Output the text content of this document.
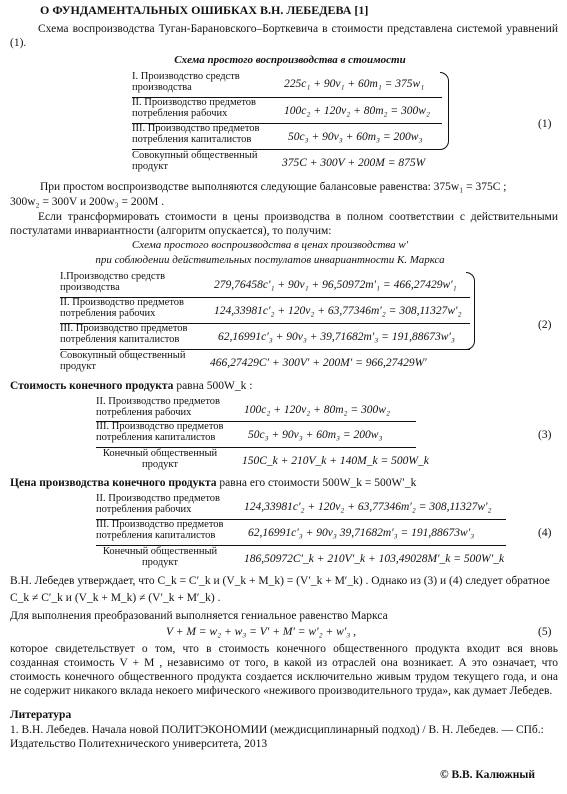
О ФУНДАМЕНТАЛЬНЫХ ОШИБКАХ В.Н. ЛЕБЕДЕВА [1]
Схема воспроизводства Туган-Барановского–Борткевича в стоимости представлена системой уравнений (1).
Схема простого воспроизводства в стоимости
I. Производство средств
производства	225c₁ + 90v₁ + 60m₁ = 375w₁
II. Производство предметов
потребления рабочих	100c₂ + 120v₂ + 80m₂ = 300w₂
III. Производство предметов
потребления капиталистов	50c₃ + 90v₃ + 60m₃ = 200w₃
Совокупный общественный
продукт	375C + 300V + 200M = 875W
(1)
При простом воспроизводстве выполняются следующие балансовые равенства: 375w₁ = 375C ;
300w₂ = 300V и 200w₃ = 200M .
Если трансформировать стоимости в цены производства в полном соответствии с действительными постулатами инвариантности (алгоритм опускается), то получим:
Схема простого воспроизводства в ценах производства w′
при соблюдении действительных постулатов инвариантности К. Маркса
I.Производство средств
производства	279,76458c′₁ + 90v₁ + 96,50972m′₁ = 466,27429w′₁
II. Производство предметов
потребления рабочих	124,33981c′₂ + 120v₂ + 63,77346m′₂ = 308,11327w′₂
III. Производство предметов
потребления капиталистов	62,16991c′₃ + 90v₃ + 39,71682m′₃ = 191,88673w′₃
Совокупный общественный
продукт	466,27429C′ + 300V′ + 200M′ = 966,27429W′
(2)
Стоимость конечного продукта равна 500W_k :
II. Производство предметов
потребления рабочих	100c₂ + 120v₂ + 80m₂ = 300w₂
III. Производство предметов
потребления капиталистов	50c₃ + 90v₃ + 60m₃ = 200w₃
Конечный общественный
продукт	150C_k + 210V_k + 140M_k = 500W_k
(3)
Цена производства конечного продукта равна его стоимости 500W_k = 500W′_k
II. Производство предметов
потребления рабочих	124,33981c′₂ + 120v₂ + 63,77346m′₂ = 308,11327w′₂
III. Производство предметов
потребления капиталистов	62,16991c′₃ + 90v₃ 39,71682m′₃ = 191,88673w′₃
Конечный общественный
продукт	186,50972C′_k + 210V′_k + 103,49028M′_k = 500W′_k
(4)
В.Н. Лебедев утверждает, что C_k = C′_k и (V_k + M_k) = (V′_k + M′_k) . Однако из (3) и (4) следует обратное
C_k ≠ C′_k и (V_k + M_k) ≠ (V′_k + M′_k) .
Для выполнения преобразований выполняется гениальное равенство Маркса
V + M = w₂ + w₃ = V′ + M′ = w′₂ + w′₃ ,	(5)
которое свидетельствует о том, что в стоимость конечного общественного продукта входит вся вновь созданная стоимость V + M , независимо от того, в какой из отраслей она возникает. А это означает, что стоимость конечного общественного продукта создается исключительно живым трудом текущего года, и она не содержит никакого вклада некоего мифического «неживого производительного труда», как думает Лебедев.
Литература
1. В.Н. Лебедев. Начала новой ПОЛИТЭКОНОМИИ (междисциплинарный подход) / В. Н. Лебедев. — СПб.: Издательство Политехнического университета, 2013
© В.В. Калюжный
